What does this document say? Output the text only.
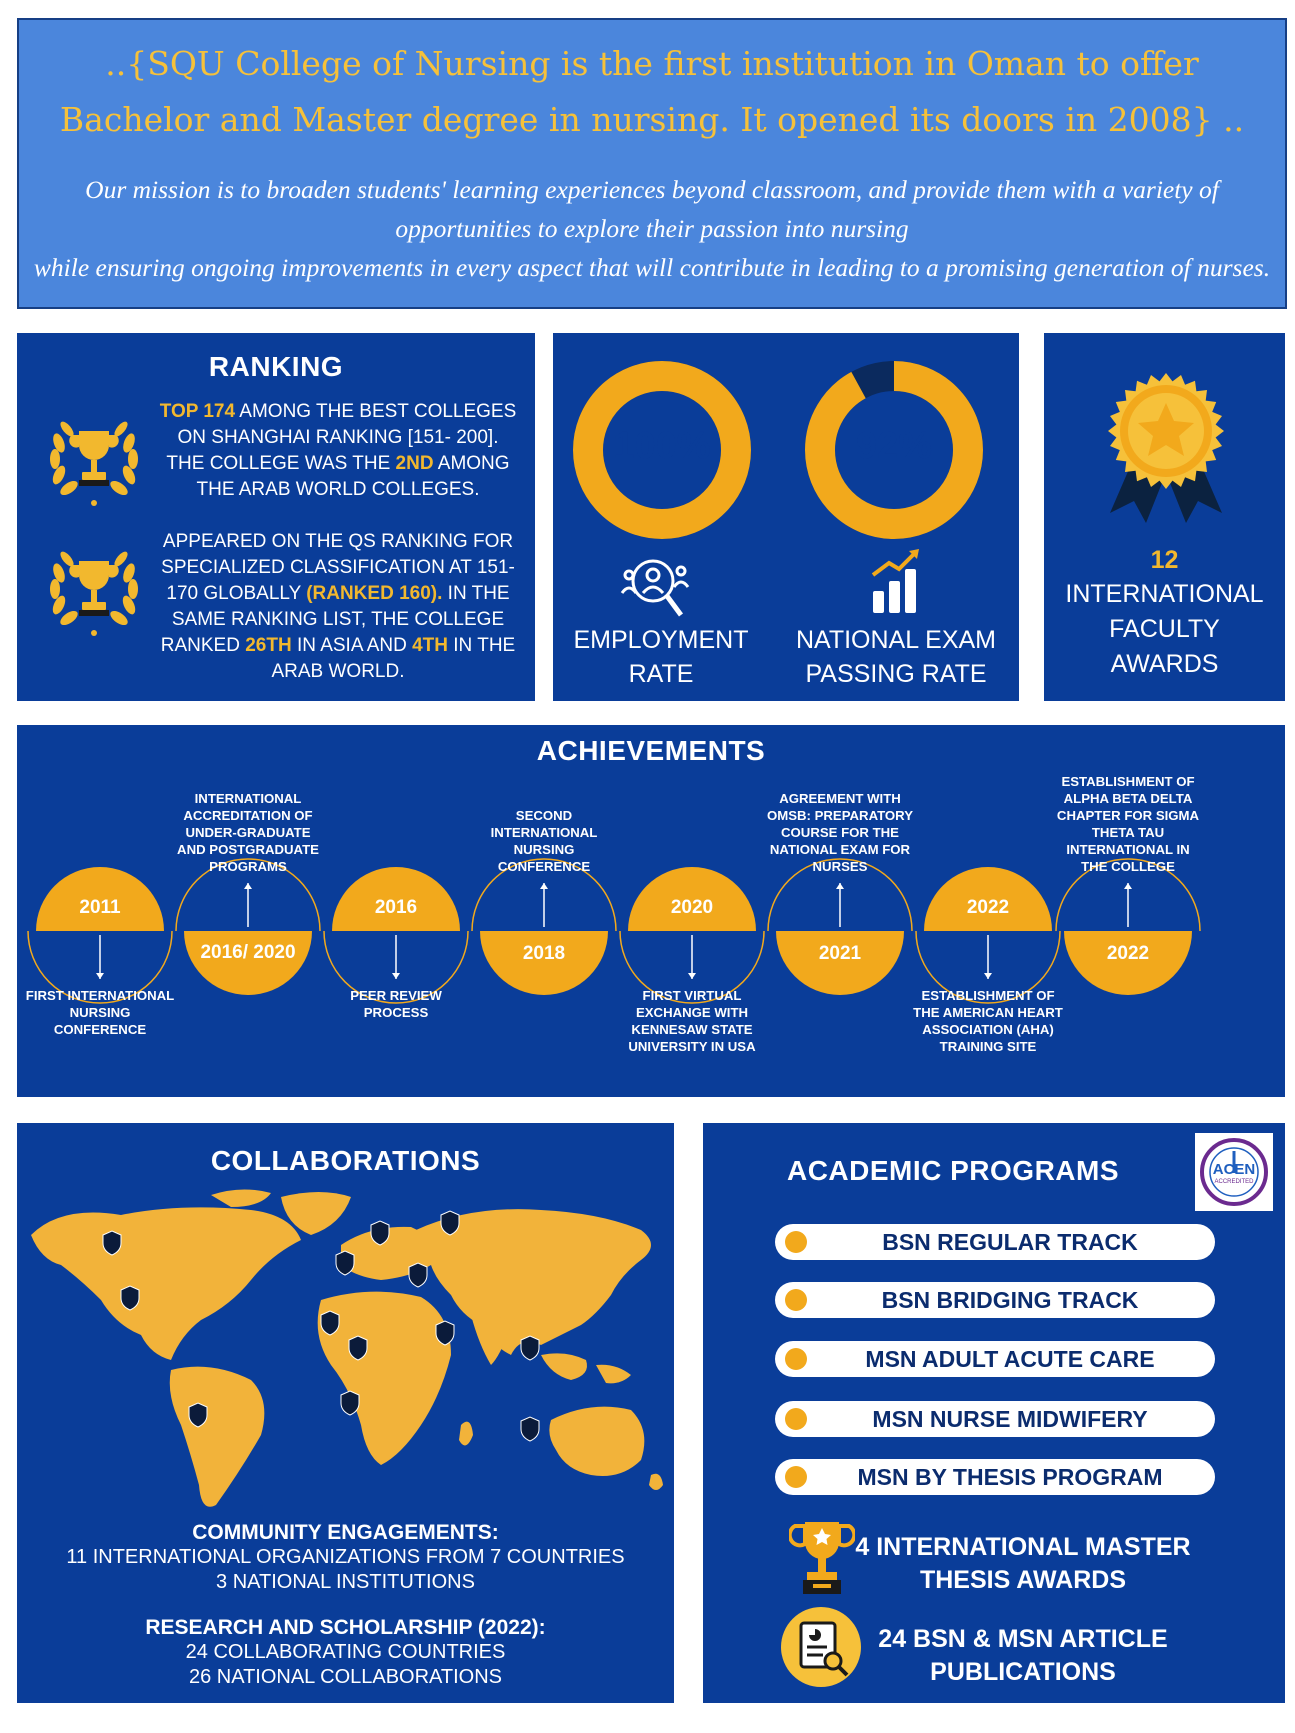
..{SQU College of Nursing is the first institution in Oman to offer Bachelor and Master degree in nursing. It opened its doors in 2008} ..
Our mission is to broaden students' learning experiences beyond classroom, and provide them with a variety of opportunities to explore their passion into nursing
while ensuring ongoing improvements in every aspect that will contribute in leading to a promising generation of nurses.
RANKING
TOP 174 AMONG THE BEST COLLEGES ON SHANGHAI RANKING [151- 200]. THE COLLEGE WAS THE 2ND AMONG THE ARAB WORLD COLLEGES.
APPEARED ON THE QS RANKING FOR SPECIALIZED CLASSIFICATION AT 151-170 GLOBALLY (RANKED 160). IN THE SAME RANKING LIST, THE COLLEGE RANKED 26TH IN ASIA AND 4TH IN THE ARAB WORLD.
100%	92%
EMPLOYMENT
RATE
NATIONAL EXAM
PASSING RATE
12
INTERNATIONAL
FACULTY
AWARDS
ACHIEVEMENTS
2011
FIRST INTERNATIONAL NURSING CONFERENCE
2016/ 2020
INTERNATIONAL ACCREDITATION OF UNDER-GRADUATE AND POSTGRADUATE PROGRAMS
2016
PEER REVIEW PROCESS
2018
SECOND INTERNATIONAL NURSING CONFERENCE
2020
FIRST VIRTUAL EXCHANGE WITH KENNESAW STATE UNIVERSITY IN USA
2021
AGREEMENT WITH OMSB: PREPARATORY COURSE FOR THE NATIONAL EXAM FOR NURSES
2022
ESTABLISHMENT OF THE AMERICAN HEART ASSOCIATION (AHA) TRAINING SITE
2022
ESTABLISHMENT OF ALPHA BETA DELTA CHAPTER FOR SIGMA THETA TAU INTERNATIONAL IN THE COLLEGE
COLLABORATIONS
COMMUNITY ENGAGEMENTS:
11 INTERNATIONAL ORGANIZATIONS FROM 7 COUNTRIES
3 NATIONAL INSTITUTIONS
RESEARCH AND SCHOLARSHIP (2022):
24 COLLABORATING COUNTRIES
26 NATIONAL COLLABORATIONS
ACADEMIC PROGRAMS	ACEN
ACCREDITED
BSN REGULAR TRACK
BSN BRIDGING TRACK
MSN ADULT ACUTE CARE
MSN NURSE MIDWIFERY
MSN BY THESIS PROGRAM
4 INTERNATIONAL MASTER
THESIS AWARDS
24 BSN & MSN ARTICLE
PUBLICATIONS
